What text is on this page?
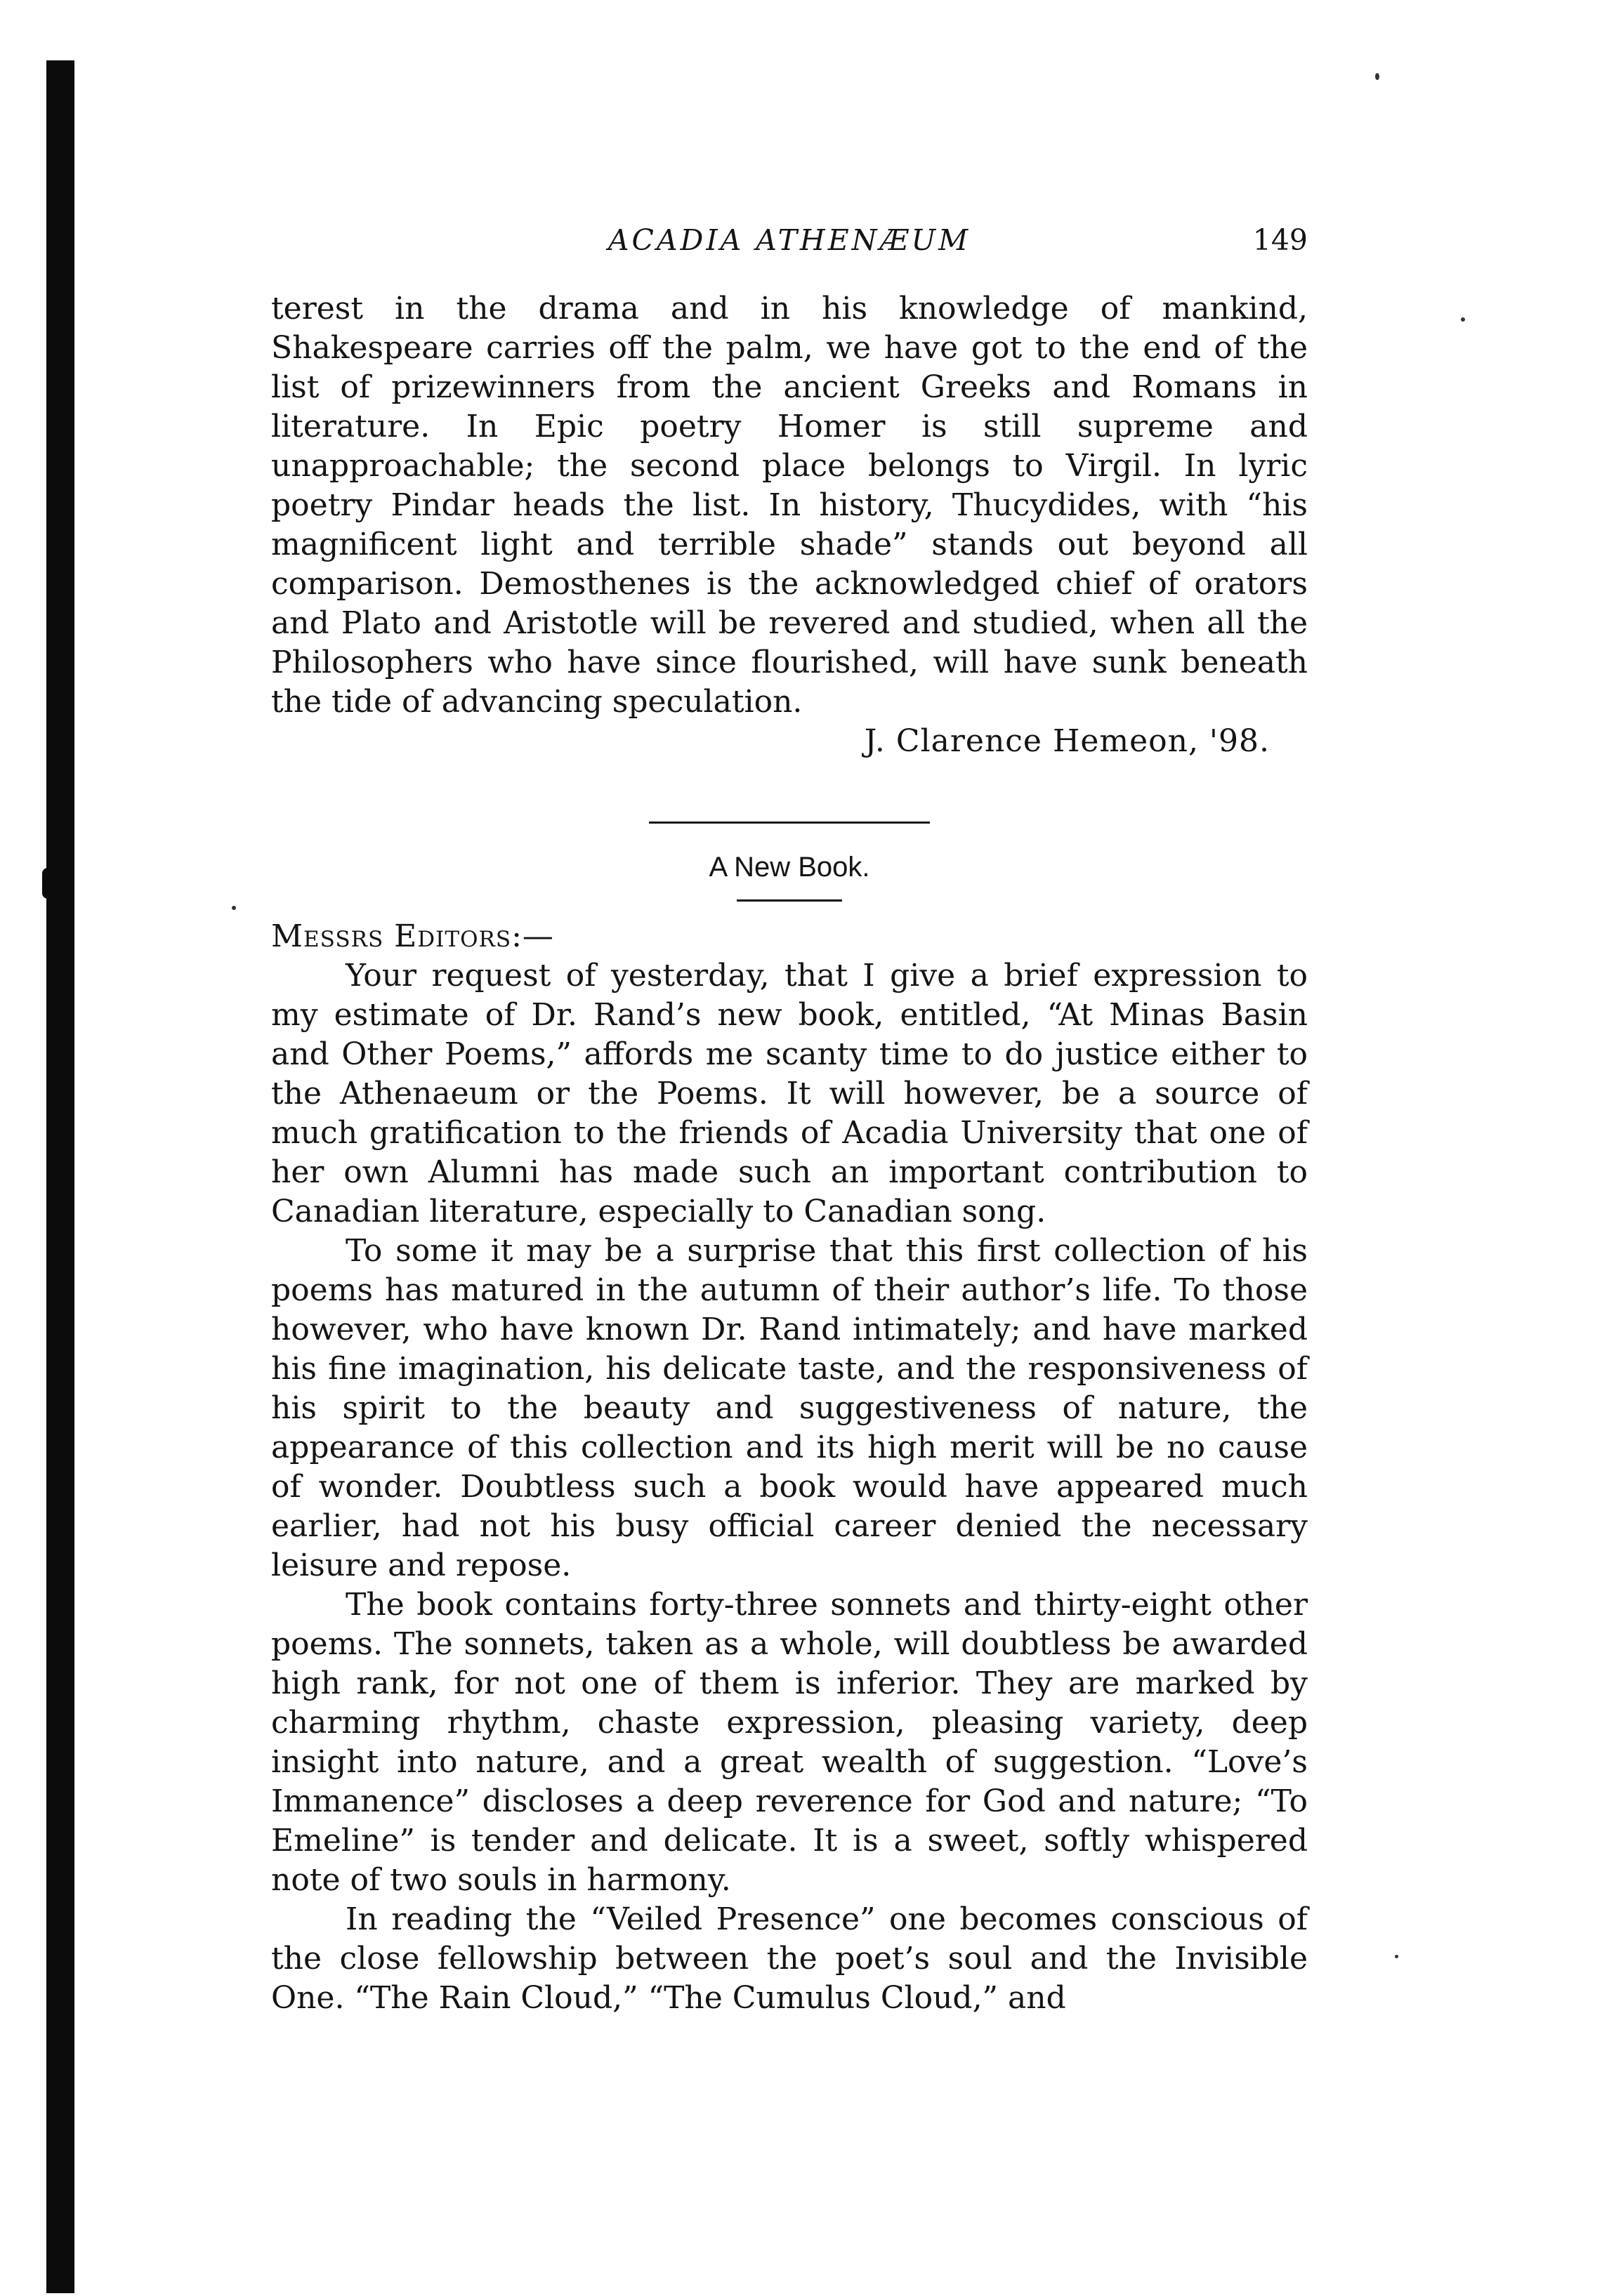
ACADIA ATHENÆUM	149

terest in the drama and in his knowledge of mankind, Shakespeare carries off the palm, we have got to the end of the list of prizewinners from the ancient Greeks and Romans in literature. In Epic poetry Homer is still supreme and unapproachable; the second place belongs to Virgil. In lyric poetry Pindar heads the list. In history, Thucydides, with “his magnificent light and terrible shade” stands out beyond all comparison. Demosthenes is the acknowledged chief of orators and Plato and Aristotle will be revered and studied, when all the Philosophers who have since flourished, will have sunk beneath the tide of advancing speculation.

J. Clarence Hemeon, '98.
A New Book.
Messrs Editors:—

Your request of yesterday, that I give a brief expression to my estimate of Dr. Rand’s new book, entitled, “At Minas Basin and Other Poems,” affords me scanty time to do justice either to the Athenaeum or the Poems. It will however, be a source of much gratification to the friends of Acadia University that one of her own Alumni has made such an important contribution to Canadian literature, especially to Canadian song.

To some it may be a surprise that this first collection of his poems has matured in the autumn of their author’s life. To those however, who have known Dr. Rand intimately; and have marked his fine imagination, his delicate taste, and the responsiveness of his spirit to the beauty and suggestiveness of nature, the appearance of this collection and its high merit will be no cause of wonder. Doubtless such a book would have appeared much earlier, had not his busy official career denied the necessary leisure and repose.

The book contains forty-three sonnets and thirty-eight other poems. The sonnets, taken as a whole, will doubtless be awarded high rank, for not one of them is inferior. They are marked by charming rhythm, chaste expression, pleasing variety, deep insight into nature, and a great wealth of suggestion. “Love’s Immanence” discloses a deep reverence for God and nature; “To Emeline” is tender and delicate. It is a sweet, softly whispered note of two souls in harmony.

In reading the “Veiled Presence” one becomes conscious of the close fellowship between the poet’s soul and the Invisible One. “The Rain Cloud,” “The Cumulus Cloud,” and
